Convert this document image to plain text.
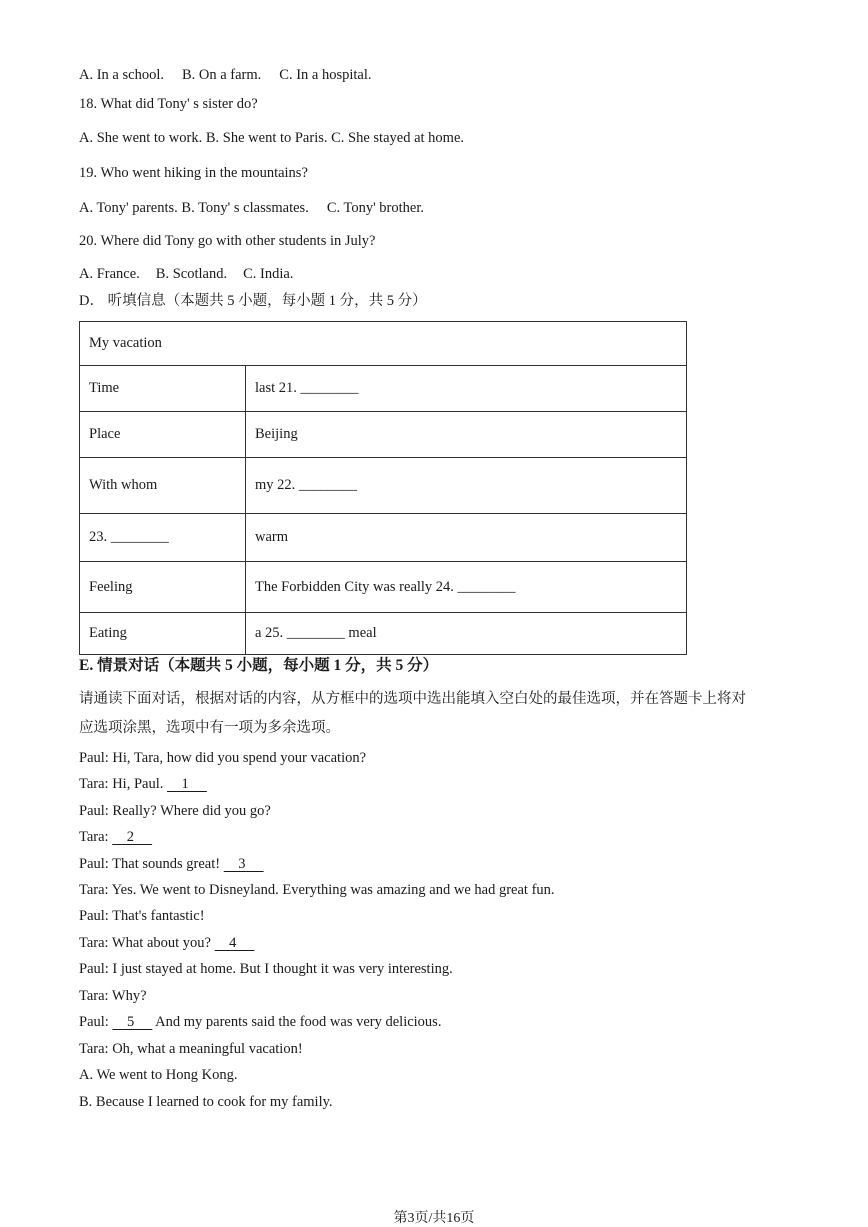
A. In a school. B. On a farm. C. In a hospital.
18. What did Tony' s sister do?
A. She went to work. B. She went to Paris. C. She stayed at home.
19. Who went hiking in the mountains?
A. Tony' parents. B. Tony' s classmates. C. Tony' brother.
20. Where did Tony go with other students in July?
A. France. B. Scotland. C. India.
D． 听填信息（本题共 5 小题，每小题 1 分，共 5 分）
My vacation	
Time	last 21. ________
Place	Beijing
With whom	my 22. ________
23. ________	warm
Feeling	The Forbidden City was really 24. ________
Eating	a 25. ________ meal
E. 情景对话（本题共 5 小题，每小题 1 分，共 5 分）
请通读下面对话，根据对话的内容，从方框中的选项中选出能填入空白处的最佳选项，并在答题卡上将对
应选项涂黑，选项中有一项为多余选项。
Paul: Hi, Tara, how did you spend your vacation?
Tara: Hi, Paul.     1
Paul: Really? Where did you go?
Tara:     2
Paul: That sounds great!     3
Tara: Yes. We went to Disneyland. Everything was amazing and we had great fun.
Paul: That's fantastic!
Tara: What about you?     4
Paul: I just stayed at home. But I thought it was very interesting.
Tara: Why?
Paul:     5      And my parents said the food was very delicious.
Tara: Oh, what a meaningful vacation!
A. We went to Hong Kong.
B. Because I learned to cook for my family.
第3页/共16页
